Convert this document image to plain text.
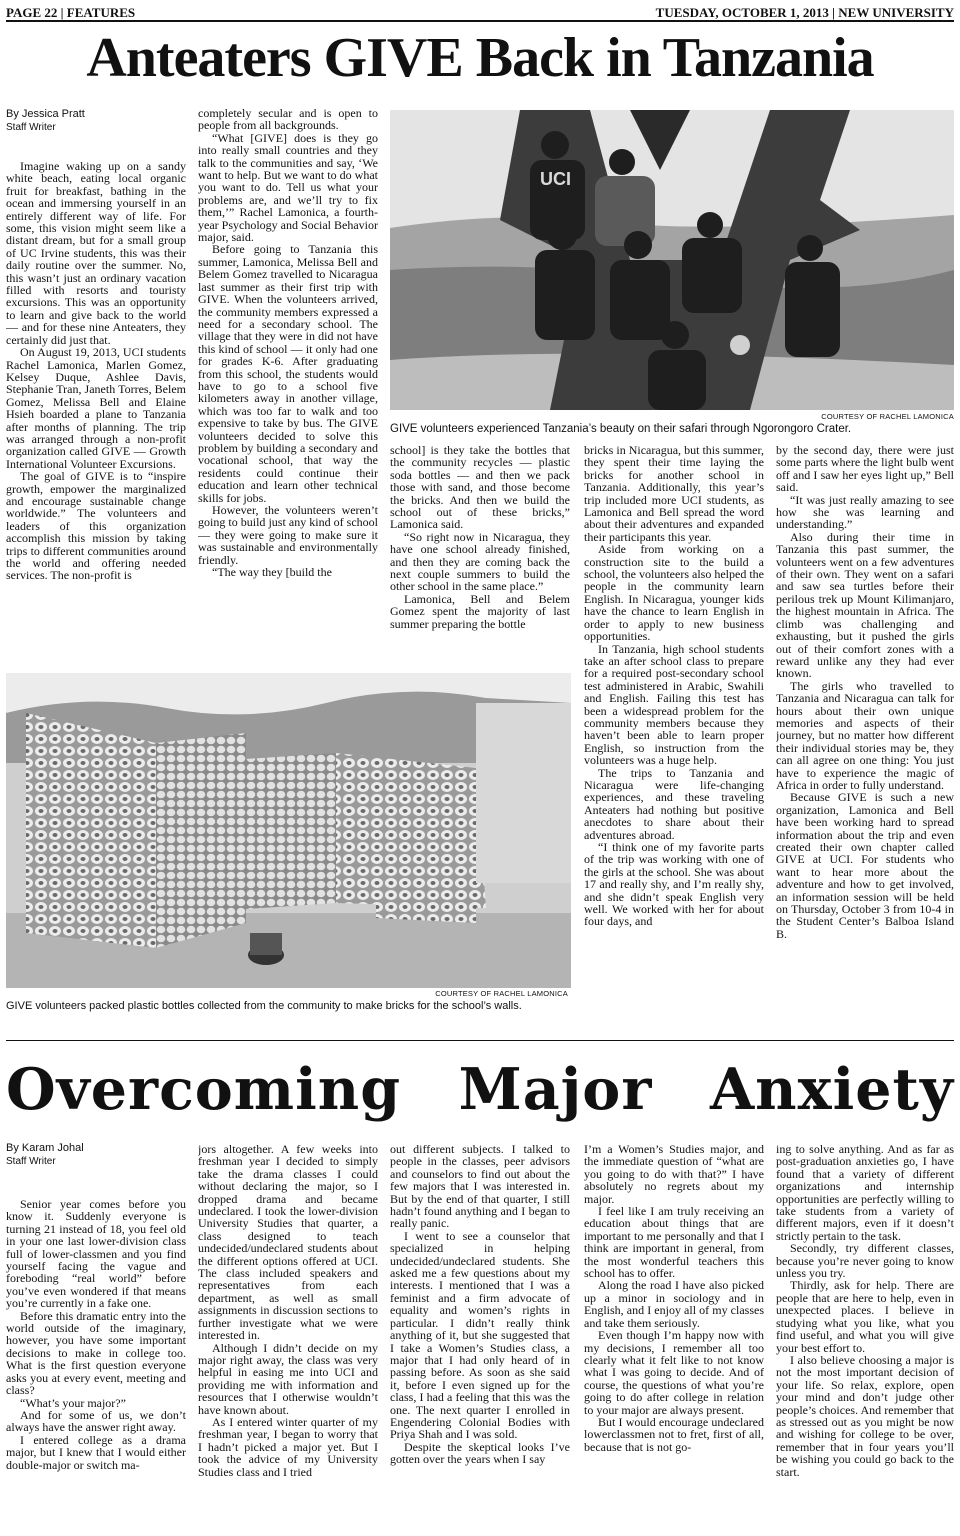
PAGE 22 | FEATURES	TUESDAY, OCTOBER 1, 2013 | NEW UNIVERSITY
Anteaters GIVE Back in Tanzania
By Jessica Pratt
Staff Writer

Imagine waking up on a sandy white beach, eating local organic fruit for breakfast, bathing in the ocean and immersing yourself in an entirely different way of life. For some, this vision might seem like a distant dream, but for a small group of UC Irvine students, this was their daily routine over the summer. No, this wasn’t just an ordinary vacation filled with resorts and touristy excursions. This was an opportunity to learn and give back to the world — and for these nine Anteaters, they certainly did just that.

On August 19, 2013, UCI students Rachel Lamonica, Marlen Gomez, Kelsey Duque, Ashlee Davis, Stephanie Tran, Janeth Torres, Belem Gomez, Melissa Bell and Elaine Hsieh boarded a plane to Tanzania after months of planning. The trip was arranged through a non-profit organization called GIVE — Growth International Volunteer Excursions.

The goal of GIVE is to “inspire growth, empower the marginalized and encourage sustainable change worldwide.” The volunteers and leaders of this organization accomplish this mission by taking trips to different communities around the world and offering needed services. The non-profit is

completely secular and is open to people from all backgrounds.

“What [GIVE] does is they go into really small countries and they talk to the communities and say, ‘We want to help. But we want to do what you want to do. Tell us what your problems are, and we’ll try to fix them,’” Rachel Lamonica, a fourth-year Psychology and Social Behavior major, said.

Before going to Tanzania this summer, Lamonica, Melissa Bell and Belem Gomez travelled to Nicaragua last summer as their first trip with GIVE. When the volunteers arrived, the community members expressed a need for a secondary school. The village that they were in did not have this kind of school — it only had one for grades K-6. After graduating from this school, the students would have to go to a school five kilometers away in another village, which was too far to walk and too expensive to take by bus. The GIVE volunteers decided to solve this problem by building a secondary and vocational school, that way the residents could continue their education and learn other technical skills for jobs.

However, the volunteers weren’t going to build just any kind of school — they were going to make sure it was sustainable and environmentally friendly.

“The way they [build the

school] is they take the bottles that the community recycles — plastic soda bottles — and then we pack those with sand, and those become the bricks. And then we build the school out of these bricks,” Lamonica said.

“So right now in Nicaragua, they have one school already finished, and then they are coming back the next couple summers to build the other school in the same place.”

Lamonica, Bell and Belem Gomez spent the majority of last summer preparing the bottle

bricks in Nicaragua, but this summer, they spent their time laying the bricks for another school in Tanzania. Additionally, this year’s trip included more UCI students, as Lamonica and Bell spread the word about their adventures and expanded their participants this year.

Aside from working on a construction site to the build a school, the volunteers also helped the people in the community learn English. In Nicaragua, younger kids have the chance to learn English in order to apply to new business opportunities.

In Tanzania, high school students take an after school class to prepare for a required post-secondary school test administered in Arabic, Swahili and English. Failing this test has been a widespread problem for the community members because they haven’t been able to learn proper English, so instruction from the volunteers was a huge help.

The trips to Tanzania and Nicaragua were life-changing experiences, and these traveling Anteaters had nothing but positive anecdotes to share about their adventures abroad.

“I think one of my favorite parts of the trip was working with one of the girls at the school. She was about 17 and really shy, and I’m really shy, and she didn’t speak English very well. We worked with her for about four days, and

by the second day, there were just some parts where the light bulb went off and I saw her eyes light up,” Bell said.

“It was just really amazing to see how she was learning and understanding.”

Also during their time in Tanzania this past summer, the volunteers went on a few adventures of their own. They went on a safari and saw sea turtles before their perilous trek up Mount Kilimanjaro, the highest mountain in Africa. The climb was challenging and exhausting, but it pushed the girls out of their comfort zones with a reward unlike any they had ever known.

The girls who travelled to Tanzania and Nicaragua can talk for hours about their own unique memories and aspects of their journey, but no matter how different their individual stories may be, they can all agree on one thing: You just have to experience the magic of Africa in order to fully understand.

Because GIVE is such a new organization, Lamonica and Bell have been working hard to spread information about the trip and even created their own chapter called GIVE at UCI. For students who want to hear more about the adventure and how to get involved, an information session will be held on Thursday, October 3 from 10-4 in the Student Center’s Balboa Island B.

UCI
COURTESY OF RACHEL LAMONICA
GIVE volunteers experienced Tanzania’s beauty on their safari through Ngorongoro Crater.
COURTESY OF RACHEL LAMONICA
GIVE volunteers packed plastic bottles collected from the community to make bricks for the school’s walls.
Overcoming Major Anxiety
By Karam Johal
Staff Writer

Senior year comes before you know it. Suddenly everyone is turning 21 instead of 18, you feel old in your one last lower-division class full of lower-classmen and you find yourself facing the vague and foreboding “real world” before you’ve even wondered if that means you’re currently in a fake one.

Before this dramatic entry into the world outside of the imaginary, however, you have some important decisions to make in college too. What is the first question everyone asks you at every event, meeting and class?

“What’s your major?”

And for some of us, we don’t always have the answer right away.

I entered college as a drama major, but I knew that I would either double-major or switch ma-

jors altogether. A few weeks into freshman year I decided to simply take the drama classes I could without declaring the major, so I dropped drama and became undeclared. I took the lower-division University Studies that quarter, a class designed to teach undecided/undeclared students about the different options offered at UCI. The class included speakers and representatives from each department, as well as small assignments in discussion sections to further investigate what we were interested in.

Although I didn’t decide on my major right away, the class was very helpful in easing me into UCI and providing me with information and resources that I otherwise wouldn’t have known about.

As I entered winter quarter of my freshman year, I began to worry that I hadn’t picked a major yet. But I took the advice of my University Studies class and I tried

out different subjects. I talked to people in the classes, peer advisors and counselors to find out about the few majors that I was interested in. But by the end of that quarter, I still hadn’t found anything and I began to really panic.

I went to see a counselor that specialized in helping undecided/undeclared students. She asked me a few questions about my interests. I mentioned that I was a feminist and a firm advocate of equality and women’s rights in particular. I didn’t really think anything of it, but she suggested that I take a Women’s Studies class, a major that I had only heard of in passing before. As soon as she said it, before I even signed up for the class, I had a feeling that this was the one. The next quarter I enrolled in Engendering Colonial Bodies with Priya Shah and I was sold.

Despite the skeptical looks I’ve gotten over the years when I say

I’m a Women’s Studies major, and the immediate question of “what are you going to do with that?” I have absolutely no regrets about my major.

I feel like I am truly receiving an education about things that are important to me personally and that I think are important in general, from the most wonderful teachers this school has to offer.

Along the road I have also picked up a minor in sociology and in English, and I enjoy all of my classes and take them seriously.

Even though I’m happy now with my decisions, I remember all too clearly what it felt like to not know what I was going to decide. And of course, the questions of what you’re going to do after college in relation to your major are always present.

But I would encourage undeclared lowerclassmen not to fret, first of all, because that is not go-

ing to solve anything. And as far as post-graduation anxieties go, I have found that a variety of different organizations and internship opportunities are perfectly willing to take students from a variety of different majors, even if it doesn’t strictly pertain to the task.

Secondly, try different classes, because you’re never going to know unless you try.

Thirdly, ask for help. There are people that are here to help, even in unexpected places. I believe in studying what you like, what you find useful, and what you will give your best effort to.

I also believe choosing a major is not the most important decision of your life. So relax, explore, open your mind and don’t judge other people’s choices. And remember that as stressed out as you might be now and wishing for college to be over, remember that in four years you’ll be wishing you could go back to the start.
